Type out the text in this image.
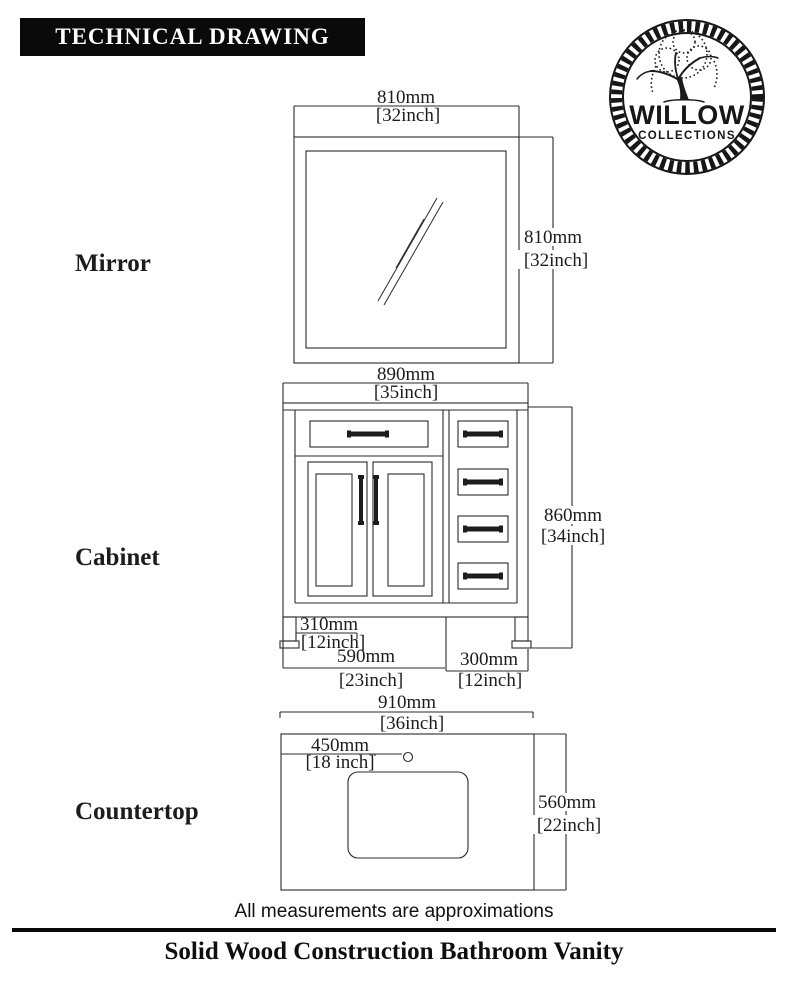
TECHNICAL DRAWING
WILLOW
COLLECTIONS
Mirror
Cabinet
Countertop
810mm
[32inch]
810mm
[32inch]
860mm
[34inch]
310mm
[12inch]
590mm
[23inch]
300mm
[12inch]
890mm
[35inch]
910mm
[36inch]
450mm
[18 inch]
560mm
[22inch]
All measurements are approximations
Solid Wood Construction Bathroom Vanity
